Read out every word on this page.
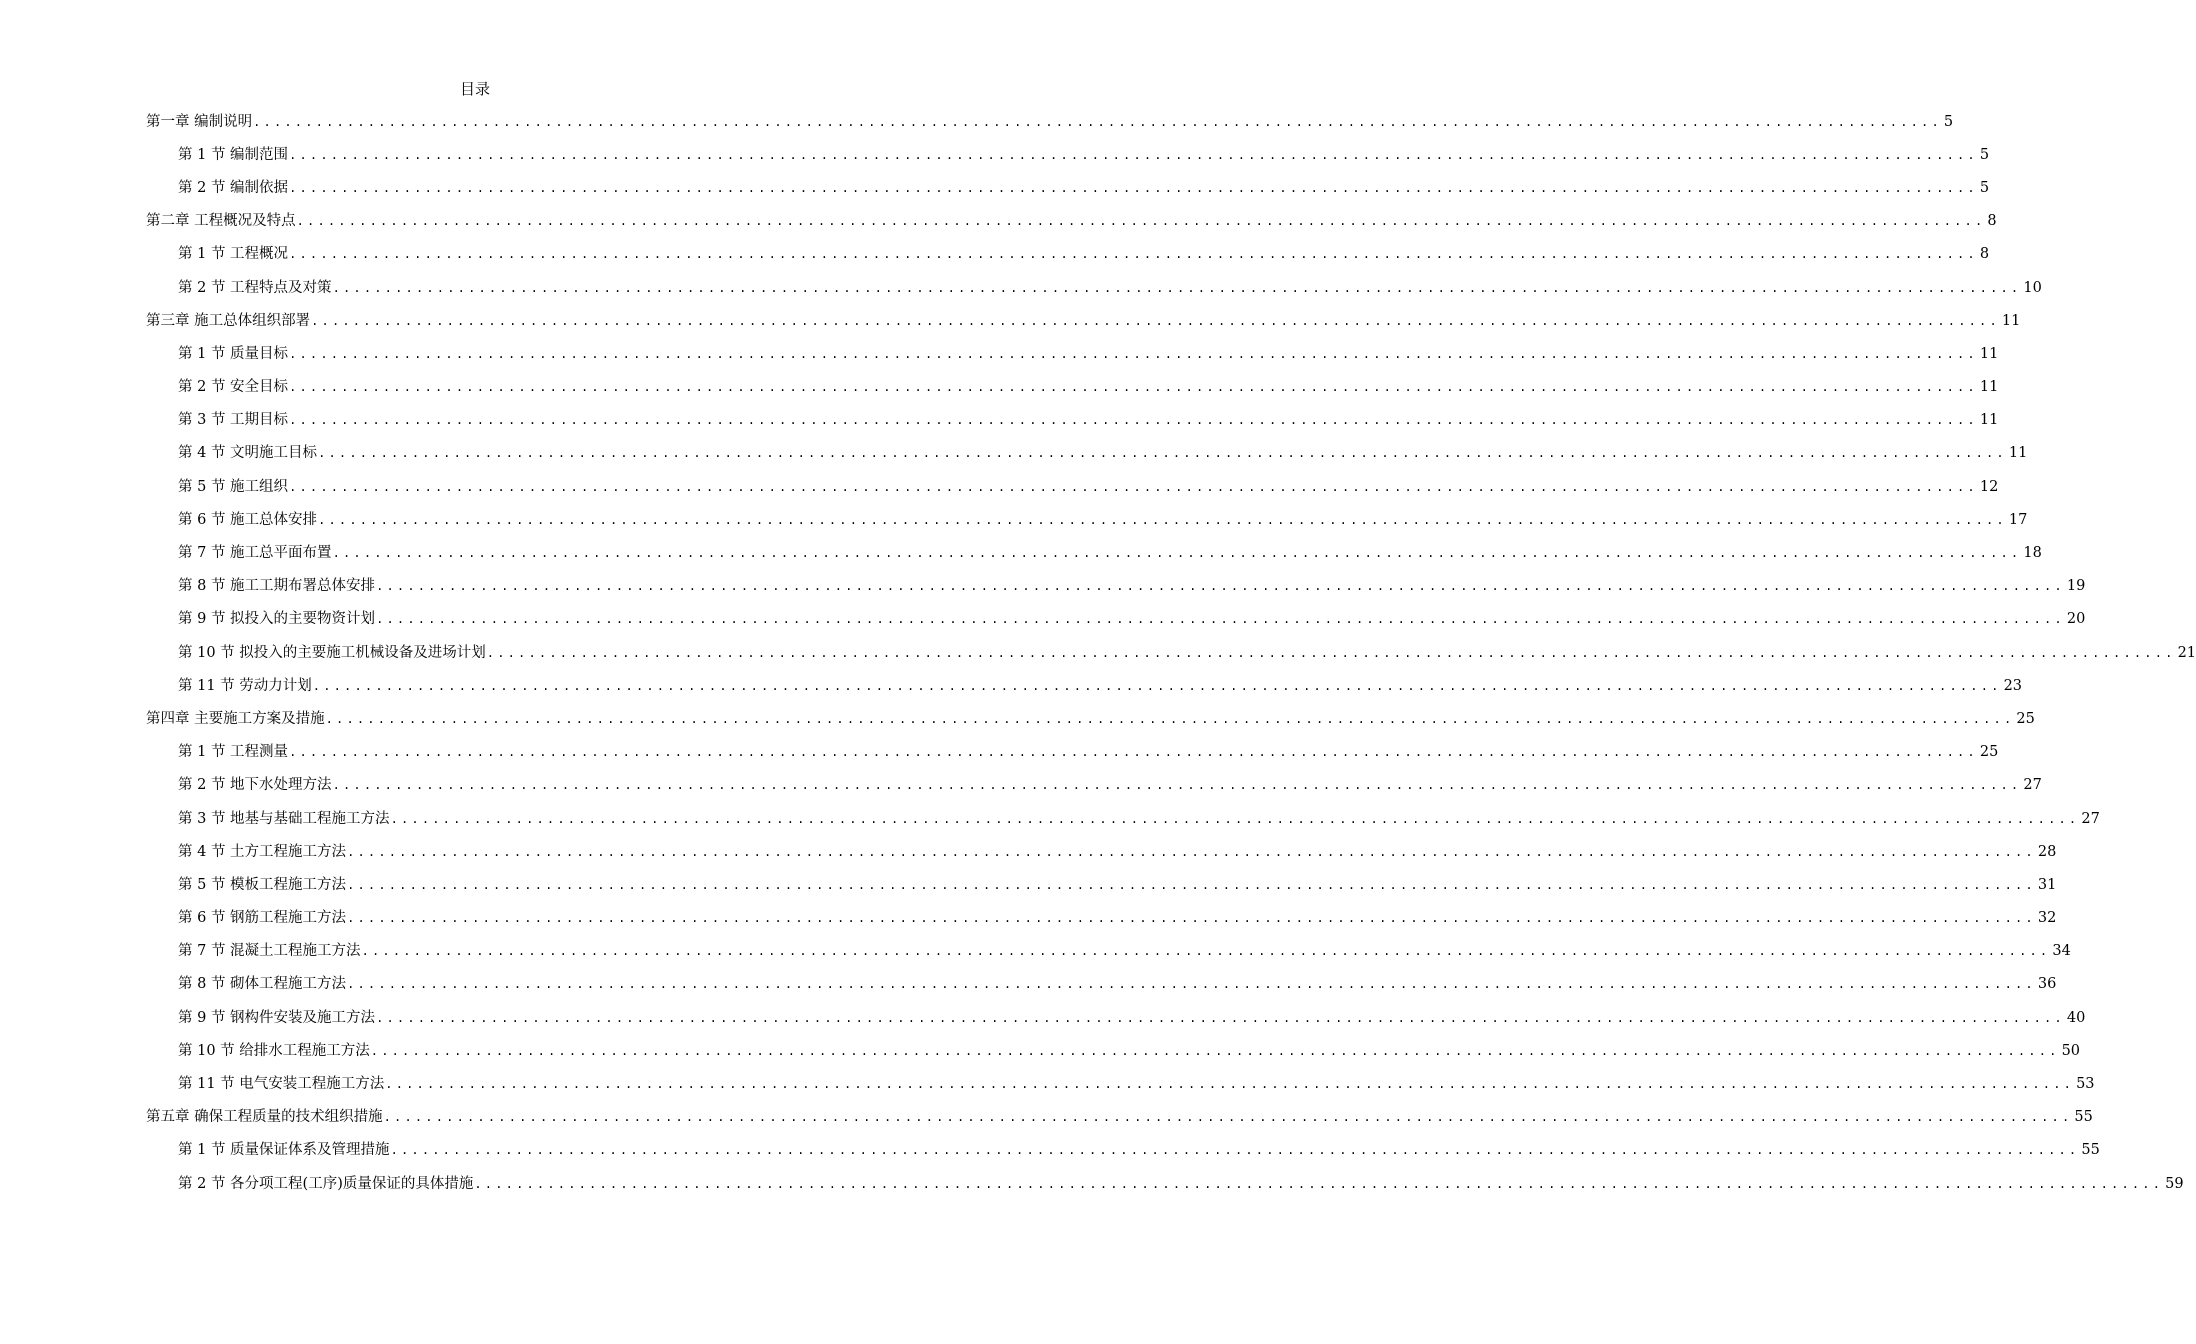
目录
第一章 编制说明 .................................................................................................................................................................. 5
第 1 节 编制范围 .................................................................................................................................................................. 5
第 2 节 编制依据 .................................................................................................................................................................. 5
第二章 工程概况及特点 .................................................................................................................................................................. 8
第 1 节 工程概况 .................................................................................................................................................................. 8
第 2 节 工程特点及对策 .................................................................................................................................................................. 10
第三章 施工总体组织部署 .................................................................................................................................................................. 11
第 1 节 质量目标 .................................................................................................................................................................. 11
第 2 节 安全目标 .................................................................................................................................................................. 11
第 3 节 工期目标 .................................................................................................................................................................. 11
第 4 节 文明施工目标 .................................................................................................................................................................. 11
第 5 节 施工组织 .................................................................................................................................................................. 12
第 6 节 施工总体安排 .................................................................................................................................................................. 17
第 7 节 施工总平面布置 .................................................................................................................................................................. 18
第 8 节 施工工期布署总体安排 .................................................................................................................................................................. 19
第 9 节 拟投入的主要物资计划 .................................................................................................................................................................. 20
第 10 节 拟投入的主要施工机械设备及进场计划 .................................................................................................................................................................. 21
第 11 节 劳动力计划 .................................................................................................................................................................. 23
第四章 主要施工方案及措施 .................................................................................................................................................................. 25
第 1 节 工程测量 .................................................................................................................................................................. 25
第 2 节 地下水处理方法 .................................................................................................................................................................. 27
第 3 节 地基与基础工程施工方法 .................................................................................................................................................................. 27
第 4 节 土方工程施工方法 .................................................................................................................................................................. 28
第 5 节 模板工程施工方法 .................................................................................................................................................................. 31
第 6 节 钢筋工程施工方法 .................................................................................................................................................................. 32
第 7 节 混凝土工程施工方法 .................................................................................................................................................................. 34
第 8 节 砌体工程施工方法 .................................................................................................................................................................. 36
第 9 节 钢构件安装及施工方法 .................................................................................................................................................................. 40
第 10 节 给排水工程施工方法 .................................................................................................................................................................. 50
第 11 节 电气安装工程施工方法 .................................................................................................................................................................. 53
第五章 确保工程质量的技术组织措施 .................................................................................................................................................................. 55
第 1 节 质量保证体系及管理措施 .................................................................................................................................................................. 55
第 2 节 各分项工程(工序)质量保证的具体措施 .................................................................................................................................................................. 59
